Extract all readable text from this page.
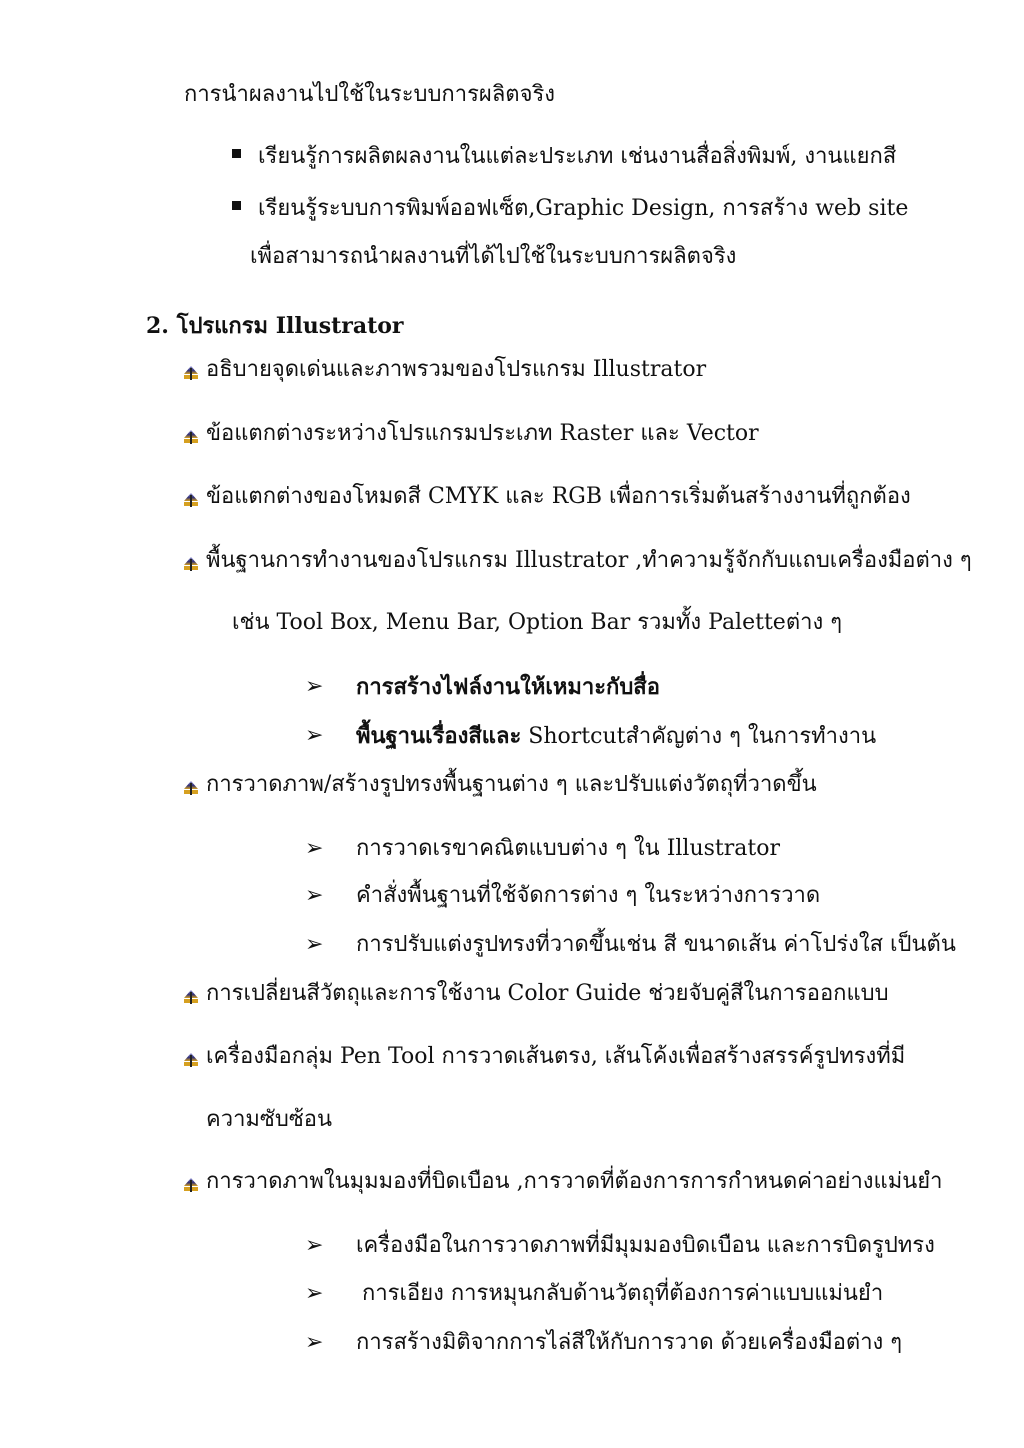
การนำผลงานไปใช้ในระบบการผลิตจริง
เรียนรู้การผลิตผลงานในแต่ละประเภท เช่นงานสื่อสิ่งพิมพ์, งานแยกสี
เรียนรู้ระบบการพิมพ์ออฟเซ็ต,Graphic Design, การสร้าง web site
เพื่อสามารถนำผลงานที่ได้ไปใช้ในระบบการผลิตจริง
2. โปรแกรม Illustrator
อธิบายจุดเด่นและภาพรวมของโปรแกรม Illustrator
ข้อแตกต่างระหว่างโปรแกรมประเภท Raster และ Vector
ข้อแตกต่างของโหมดสี CMYK และ RGB เพื่อการเริ่มต้นสร้างงานที่ถูกต้อง
พื้นฐานการทำงานของโปรแกรม Illustrator ,ทำความรู้จักกับแถบเครื่องมือต่าง ๆ
เช่น Tool Box, Menu Bar, Option Bar รวมทั้ง Paletteต่าง ๆ
➢ การสร้างไฟล์งานให้เหมาะกับสื่อ
➢ พื้นฐานเรื่องสีและ Shortcutสำคัญต่าง ๆ ในการทำงาน
การวาดภาพ/สร้างรูปทรงพื้นฐานต่าง ๆ และปรับแต่งวัตถุที่วาดขึ้น
➢ การวาดเรขาคณิตแบบต่าง ๆ ใน Illustrator
➢ คำสั่งพื้นฐานที่ใช้จัดการต่าง ๆ ในระหว่างการวาด
➢ การปรับแต่งรูปทรงที่วาดขึ้นเช่น สี ขนาดเส้น ค่าโปร่งใส เป็นต้น
การเปลี่ยนสีวัตถุและการใช้งาน Color Guide ช่วยจับคู่สีในการออกแบบ
เครื่องมือกลุ่ม Pen Tool การวาดเส้นตรง, เส้นโค้งเพื่อสร้างสรรค์รูปทรงที่มี
ความซับซ้อน
การวาดภาพในมุมมองที่บิดเบือน ,การวาดที่ต้องการการกำหนดค่าอย่างแม่นยำ
➢ เครื่องมือในการวาดภาพที่มีมุมมองบิดเบือน และการบิดรูปทรง
➢ การเอียง การหมุนกลับด้านวัตถุที่ต้องการค่าแบบแม่นยำ
➢ การสร้างมิติจากการไล่สีให้กับการวาด ด้วยเครื่องมือต่าง ๆ
